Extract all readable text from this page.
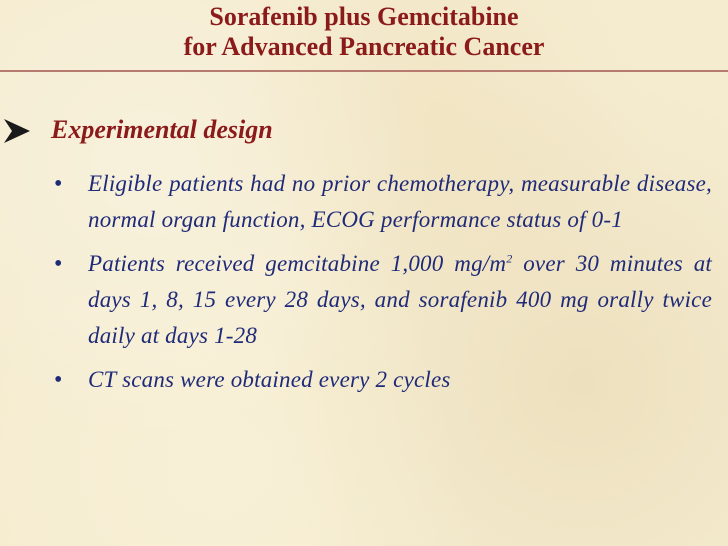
Sorafenib plus Gemcitabine
for Advanced Pancreatic Cancer
Experimental design
• Eligible patients had no prior chemotherapy, measurable disease, normal organ function, ECOG performance status of 0-1
• Patients received gemcitabine 1,000 $mg/m^2$ over 30 minutes at days 1, 8, 15 every 28 days, and sorafenib 400 mg orally twice daily at days 1-28
• CT scans were obtained every 2 cycles
